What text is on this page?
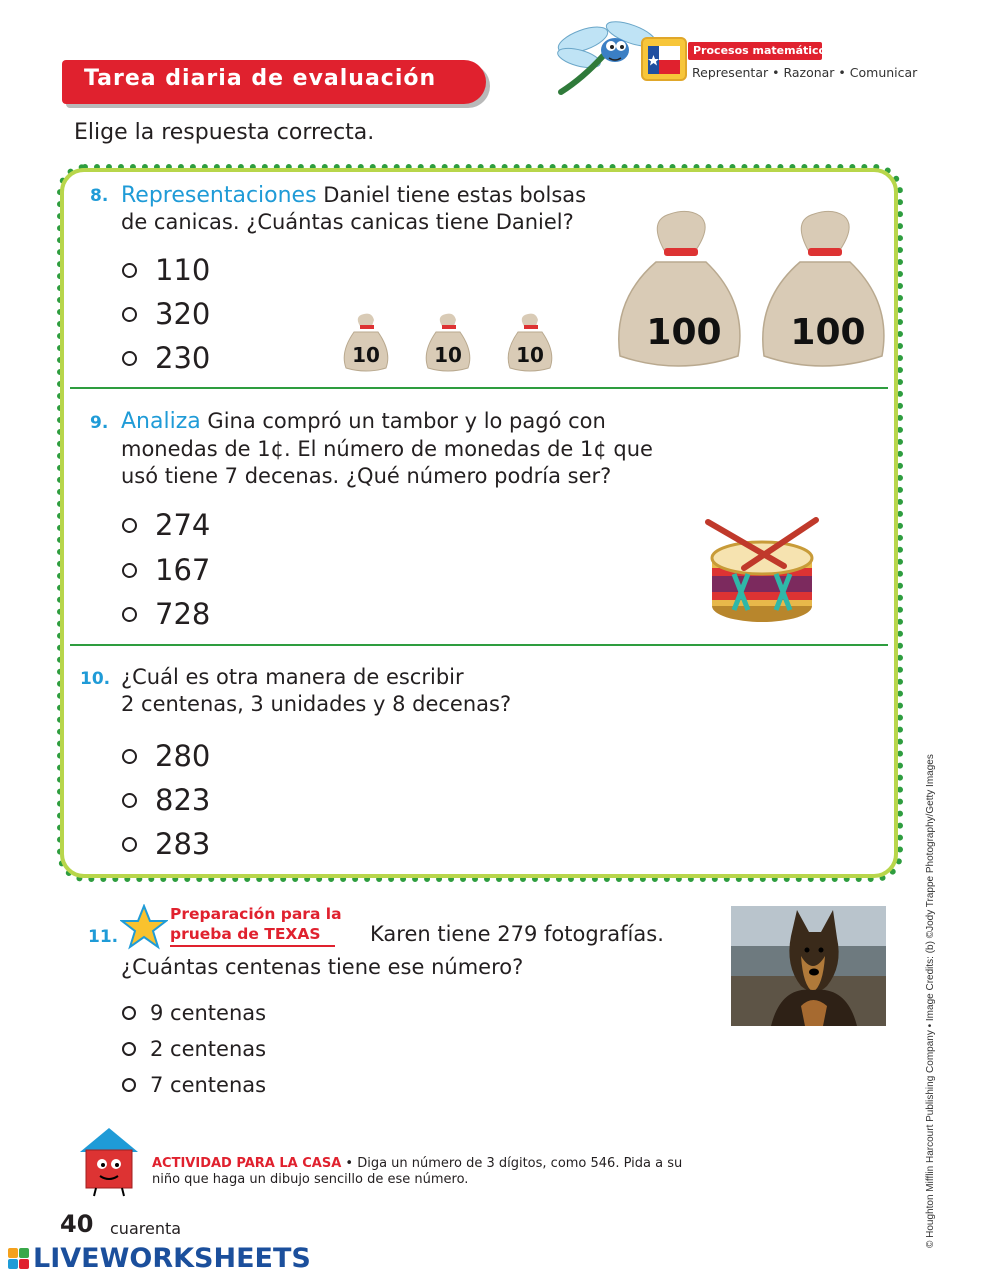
Tarea diaria de evaluación
Procesos matemáticos
Representar • Razonar • Comunicar
Elige la respuesta correcta.
8. Representaciones Daniel tiene estas bolsas
de canicas. ¿Cuántas canicas tiene Daniel?
110
320
230	10	10	10
100 100
9. Analiza Gina compró un tambor y lo pagó con
monedas de 1¢. El número de monedas de 1¢ que
usó tiene 7 decenas. ¿Qué número podría ser?
274
167
728
10. ¿Cuál es otra manera de escribir
2 centenas, 3 unidades y 8 decenas?
280
823
283
11.
Preparación para la
prueba de TEXAS	Karen tiene 279 fotografías.
¿Cuántas centenas tiene ese número?
9 centenas
2 centenas
7 centenas
ACTIVIDAD PARA LA CASA • Diga un número de 3 dígitos, como 546. Pida a su niño que haga un dibujo sencillo de ese número.
40 cuarenta
LIVEWORKSHEETS
© Houghton Mifflin Harcourt Publishing Company • Image Credits: (b) ©Jody Trappe Photography/Getty Images
